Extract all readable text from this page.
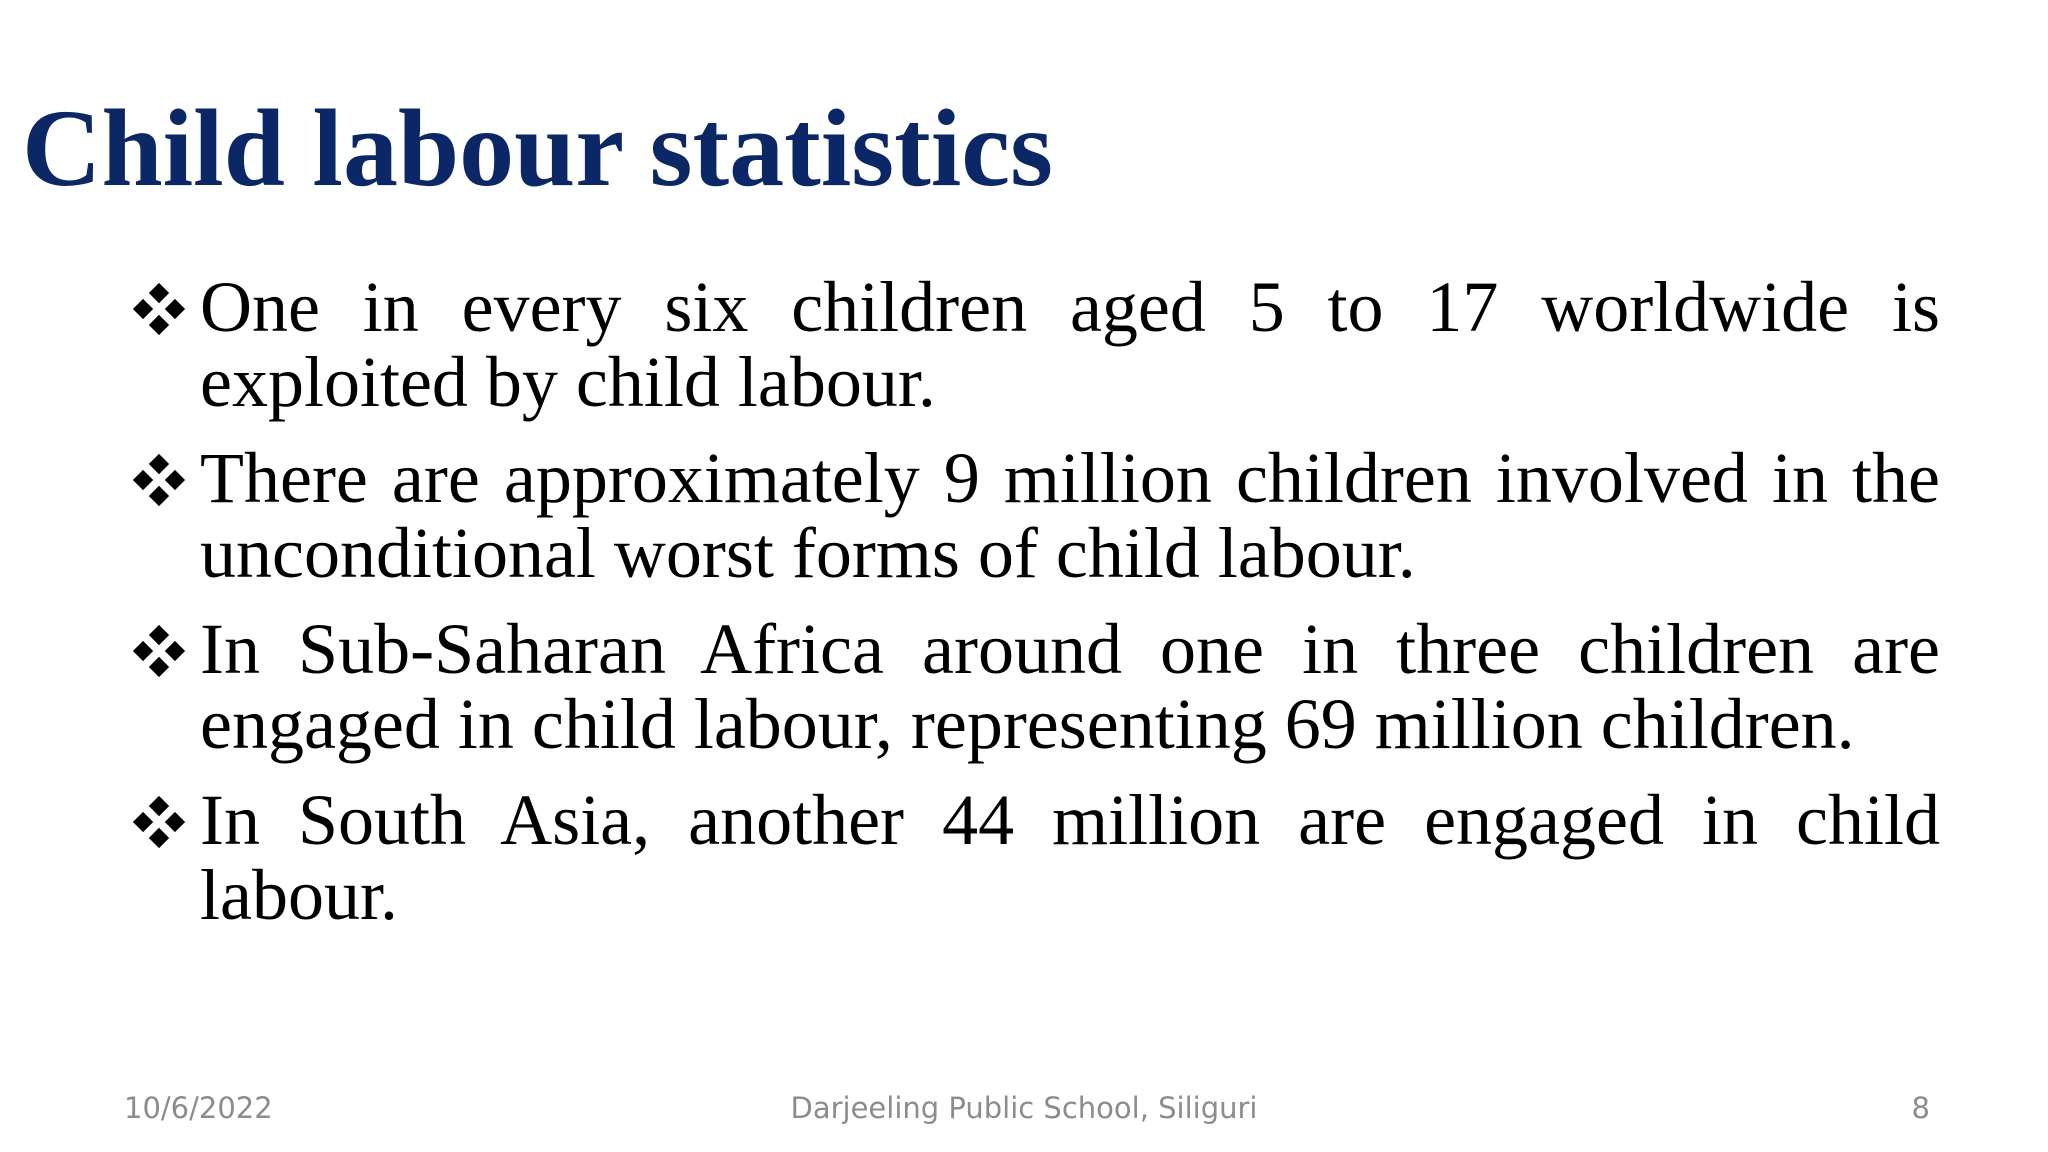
Child labour statistics
One in every six children aged 5 to 17 worldwide is exploited by child labour.
There are approximately 9 million children involved in the unconditional worst forms of child labour.
In Sub-Saharan Africa around one in three children are engaged in child labour, representing 69 million children.
In South Asia, another 44 million are engaged in child labour.
10/6/2022	Darjeeling Public School, Siliguri	8
